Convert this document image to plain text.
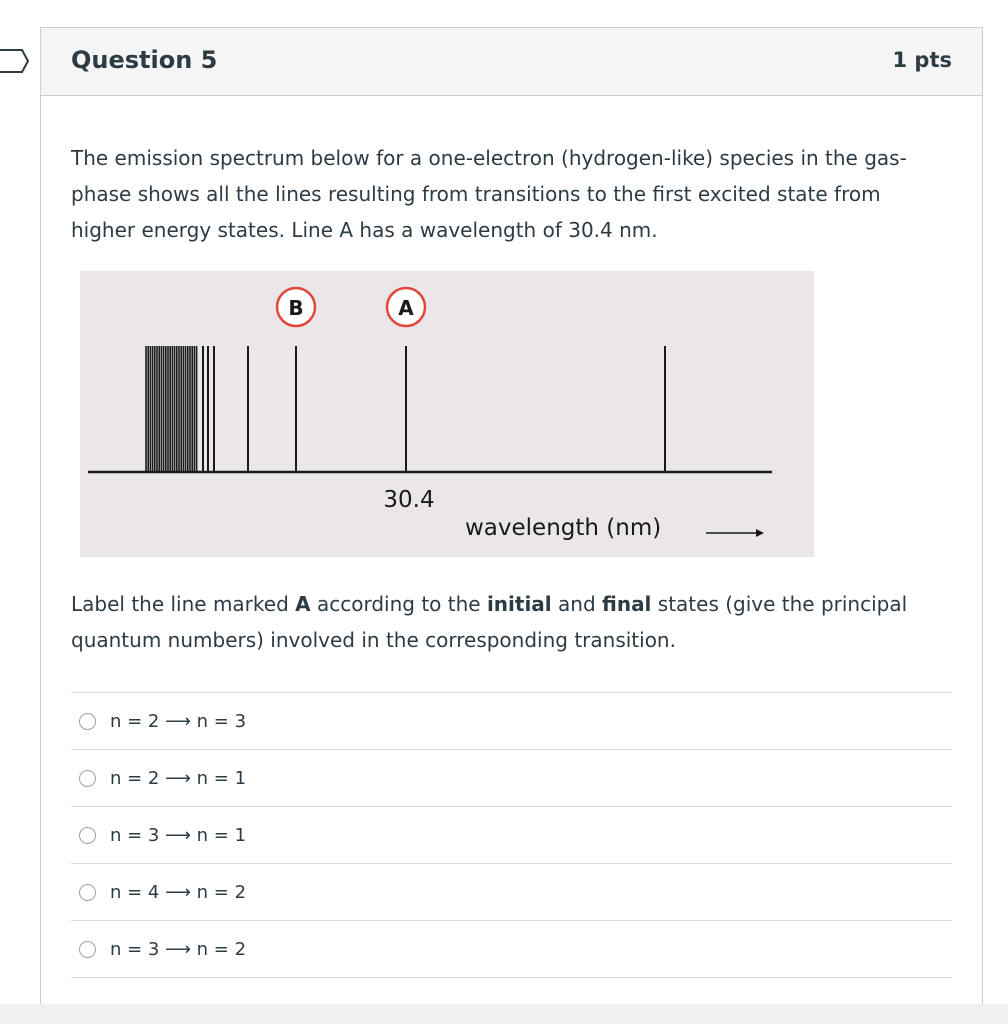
Question 5	1 pts
The emission spectrum below for a one-electron (hydrogen-like) species in the gas-phase shows all the lines resulting from transitions to the first excited state from higher energy states. Line A has a wavelength of 30.4 nm.
B	A
30.4
wavelength (nm)
Label the line marked A according to the initial and final states (give the principal quantum numbers) involved in the corresponding transition.
n = 2 ⟶ n = 3
n = 2 ⟶ n = 1
n = 3 ⟶ n = 1
n = 4 ⟶ n = 2
n = 3 ⟶ n = 2
